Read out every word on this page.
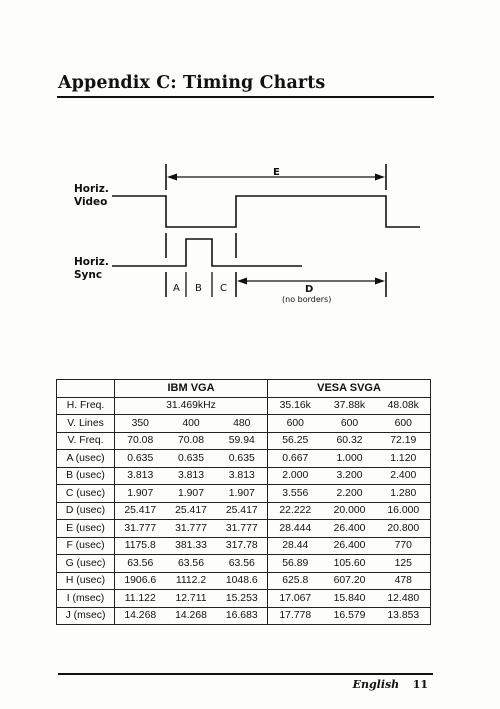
Appendix C: Timing Charts
Horiz.
Video
Horiz.
Sync
E
A B C	D
(no borders)
	IBM VGA			VESA SVGA		
H. Freq.	31.469kHz			35.16k	37.88k	48.08k
V. Lines	350	400	480	600	600	600
V. Freq.	70.08	70.08	59.94	56.25	60.32	72.19
A (usec)	0.635	0.635	0.635	0.667	1.000	1.120
B (usec)	3.813	3.813	3.813	2.000	3.200	2.400
C (usec)	1.907	1.907	1.907	3.556	2.200	1.280
D (usec)	25.417	25.417	25.417	22.222	20.000	16.000
E (usec)	31.777	31.777	31.777	28.444	26.400	20.800
F (usec)	1175.8	381.33	317.78	28.44	26.400	770
G (usec)	63.56	63.56	63.56	56.89	105.60	125
H (usec)	1906.6	1112.2	1048.6	625.8	607.20	478
I (msec)	11.122	12.711	15.253	17.067	15.840	12.480
J (msec)	14.268	14.268	16.683	17.778	16.579	13.853
English 11
